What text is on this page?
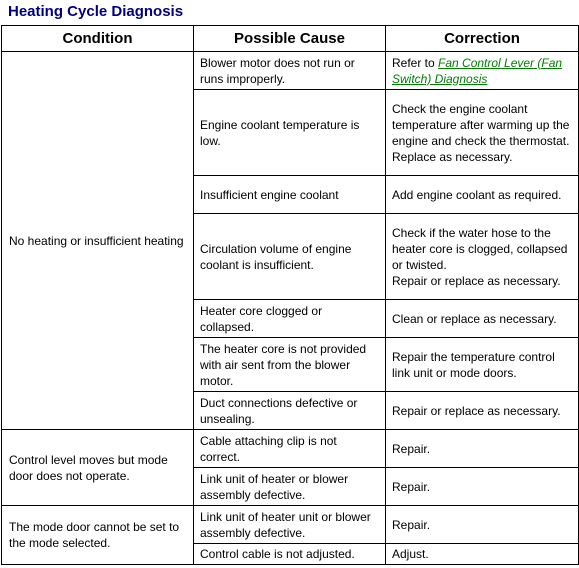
Heating Cycle Diagnosis
Condition	Possible Cause	Correction
No heating or insufficient heating	Blower motor does not run or runs improperly.	Refer to Fan Control Lever (Fan Switch) Diagnosis
	Engine coolant temperature is low.	Check the engine coolant temperature after warming up the engine and check the thermostat.
Replace as necessary.

	Insufficient engine coolant	Add engine coolant as required.
	Circulation volume of engine coolant is insufficient.	Check if the water hose to the heater core is clogged, collapsed or twisted.
Repair or replace as necessary.

	Heater core clogged or collapsed.	Clean or replace as necessary.
	The heater core is not provided with air sent from the blower motor.	Repair the temperature control link unit or mode doors.
	Duct connections defective or unsealing.	Repair or replace as necessary.
Control level moves but mode door does not operate.	Cable attaching clip is not correct.	Repair.
	Link unit of heater or blower assembly defective.	Repair.
The mode door cannot be set to the mode selected.	Link unit of heater unit or blower assembly defective.	Repair.
	Control cable is not adjusted.	Adjust.
